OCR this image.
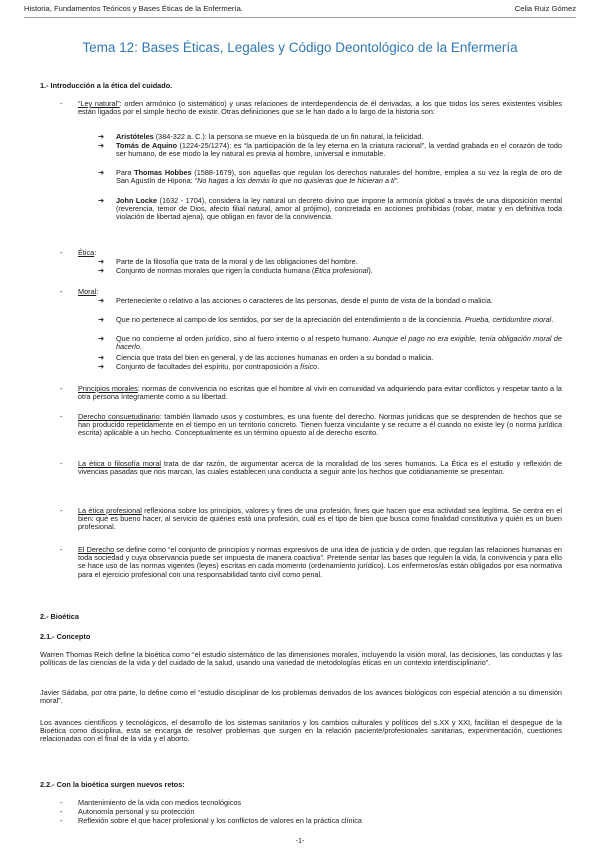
Historia, Fundamentos Teóricos y Bases Éticas de la Enfermería.	Celia Ruiz Gómez
Tema 12: Bases Éticas, Legales y Código Deontológico de la Enfermería
1.- Introducción a la ética del cuidado.
- “Ley natural”: orden armónico (o sistemático) y unas relaciones de interdependencia de él derivadas, a los que todos los seres existentes visibles están ligados por el simple hecho de existir. Otras definiciones que se le han dado a lo largo de la historia son:
➔ Aristóteles (384-322 a. C.): la persona se mueve en la búsqueda de un fin natural, la felicidad.
➔ Tomás de Aquino (1224-25/1274): es “la participación de la ley eterna en la criatura racional”, la verdad grabada en el corazón de todo ser humano, de ese modo la ley natural es previa al hombre, universal e inmutable.
➔ Para Thomas Hobbes (1588-1679), son aquellas que regulan los derechos naturales del hombre, emplea a su vez la regla de oro de San Agustín de Hipona: “No hagas a los demás lo que no quisieras que te hicieran a ti”.
➔ John Locke (1632 - 1704), considera la ley natural un decreto divino que impone la armonía global a través de una disposición mental (reverencia, temor de Dios, afecto filial natural, amor al prójimo), concretada en acciones prohibidas (robar, matar y en definitiva toda violación de libertad ajena), que obligan en favor de la convivencia.
- Ética:
➔ Parte de la filosofía que trata de la moral y de las obligaciones del hombre.
➔ Conjunto de normas morales que rigen la conducta humana (Ética profesional).
- Moral:
➔ Perteneciente o relativo a las acciones o caracteres de las personas, desde el punto de vista de la bondad o malicia.
➔ Que no pertenece al campo de los sentidos, por ser de la apreciación del entendimiento o de la conciencia. Prueba, certidumbre moral.
➔ Que no concierne al orden jurídico, sino al fuero interno o al respeto humano. Aunque el pago no era exigible, tenía obligación moral de hacerlo.
➔ Ciencia que trata del bien en general, y de las acciones humanas en orden a su bondad o malicia.
➔ Conjunto de facultades del espíritu, por contraposición a físico.
- Principios morales: normas de convivencia no escritas que el hombre al vivir en comunidad va adquiriendo para evitar conflictos y respetar tanto a la otra persona íntegramente como a su libertad.
- Derecho consuetudinario: también llamado usos y costumbres, es una fuente del derecho. Normas jurídicas que se desprenden de hechos que se han producido repetidamente en el tiempo en un territorio concreto. Tienen fuerza vinculante y se recurre a él cuando no existe ley (o norma jurídica escrita) aplicable a un hecho. Conceptualmente es un término opuesto al de derecho escrito.
- La ética o filosofía moral trata de dar razón, de argumentar acerca de la moralidad de los seres humanos. La Ética es el estudio y reflexión de vivencias pasadas que nos marcan, las cuales establecen una conducta a seguir ante los hechos que cotidianamente se presentan.
- La ética profesional reflexiona sobre los principios, valores y fines de una profesión, fines que hacen que esa actividad sea legítima. Se centra en el bien: qué es bueno hacer, al servicio de quiénes está una profesión, cuál es el tipo de bien que busca como finalidad constitutiva y quién es un buen profesional.
- El Derecho se define como “el conjunto de principios y normas expresivos de una idea de justicia y de orden, que regulan las relaciones humanas en toda sociedad y cuya observancia puede ser impuesta de manera coactiva”. Pretende sentar las bases que regulen la vida, la convivencia y para ello se hace uso de las normas vigentes (leyes) escritas en cada momento (ordenamiento jurídico). Los enfermeros/as están obligados por esa normativa para el ejercicio profesional con una responsabilidad tanto civil como penal.
2.- Bioética
2.1.- Concepto
Warren Thomas Reich define la bioética como “el estudio sistemático de las dimensiones morales, incluyendo la visión moral, las decisiones, las conductas y las políticas de las ciencias de la vida y del cuidado de la salud, usando una variedad de metodologías éticas en un contexto interdisciplinario”.
Javier Sádaba, por otra parte, lo define como el “estudio disciplinar de los problemas derivados de los avances biológicos con especial atención a su dimensión moral”.
Los avances científicos y tecnológicos, el desarrollo de los sistemas sanitarios y los cambios culturales y políticos del s.XX y XXI, facilitan el despegue de la Bioética como disciplina, esta se encarga de resolver problemas que surgen en la relación paciente/profesionales sanitarias, experimentación, cuestiones relacionadas con el final de la vida y el aborto.
2.2.- Con la bioética surgen nuevos retos:
- Mantenimiento de la vida con medios tecnológicos
- Autonomía personal y su protección
- Reflexión sobre el que hacer profesional y los conflictos de valores en la práctica clínica
-1-
